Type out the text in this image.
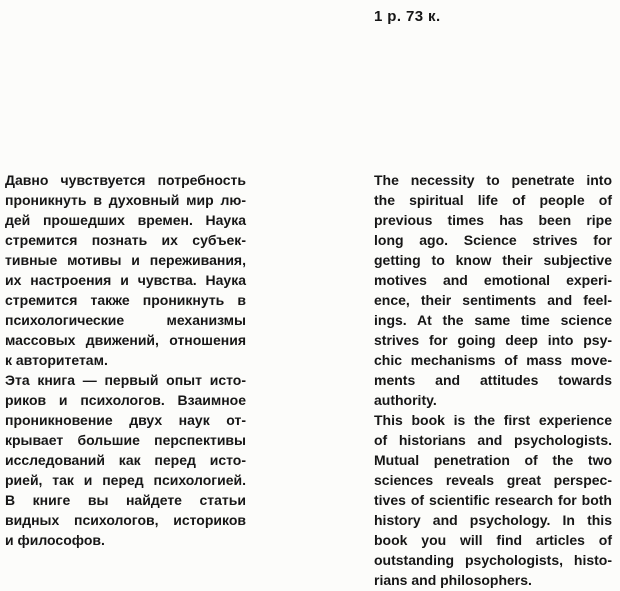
1 р. 73 к.
Давно чувствуется потребность
проникнуть в духовный мир лю-
дей прошедших времен. Наука
стремится познать их субъек-
тивные мотивы и переживания,
их настроения и чувства. Наука
стремится также проникнуть в
психологические механизмы
массовых движений, отношения
к авторитетам.
Эта книга — первый опыт исто-
риков и психологов. Взаимное
проникновение двух наук от-
крывает большие перспективы
исследований как перед исто-
рией, так и перед психологией.
В книге вы найдете статьи
видных психологов, историков
и философов.
The necessity to penetrate into
the spiritual life of people of
previous times has been ripe
long ago. Science strives for
getting to know their subjective
motives and emotional experi-
ence, their sentiments and feel-
ings. At the same time science
strives for going deep into psy-
chic mechanisms of mass move-
ments and attitudes towards
authority.
This book is the first experience
of historians and psychologists.
Mutual penetration of the two
sciences reveals great perspec-
tives of scientific research for both
history and psychology. In this
book you will find articles of
outstanding psychologists, histo-
rians and philosophers.
